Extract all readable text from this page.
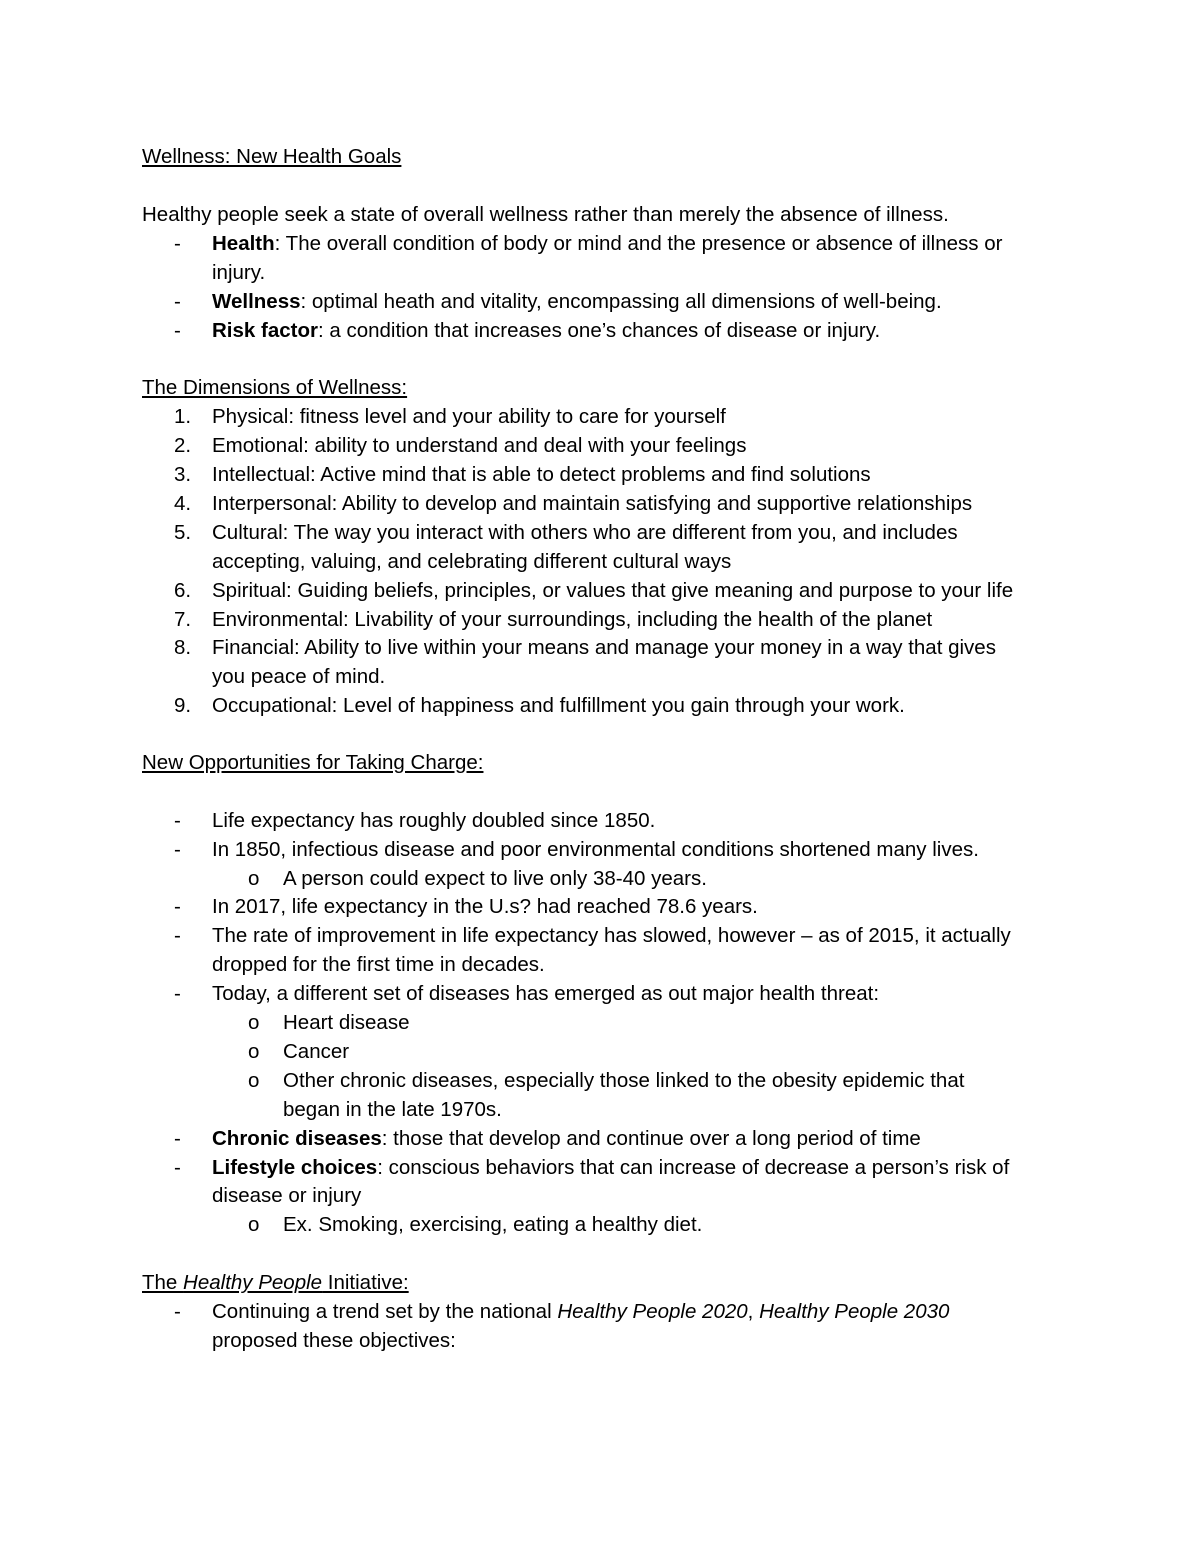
Wellness: New Health Goals
Healthy people seek a state of overall wellness rather than merely the absence of illness.
- Health: The overall condition of body or mind and the presence or absence of illness or
injury.
- Wellness: optimal heath and vitality, encompassing all dimensions of well-being.
- Risk factor: a condition that increases one’s chances of disease or injury.
The Dimensions of Wellness:
1. Physical: fitness level and your ability to care for yourself
2. Emotional: ability to understand and deal with your feelings
3. Intellectual: Active mind that is able to detect problems and find solutions
4. Interpersonal: Ability to develop and maintain satisfying and supportive relationships
5. Cultural: The way you interact with others who are different from you, and includes
accepting, valuing, and celebrating different cultural ways
6. Spiritual: Guiding beliefs, principles, or values that give meaning and purpose to your life
7. Environmental: Livability of your surroundings, including the health of the planet
8. Financial: Ability to live within your means and manage your money in a way that gives
you peace of mind.
9. Occupational: Level of happiness and fulfillment you gain through your work.
New Opportunities for Taking Charge:
- Life expectancy has roughly doubled since 1850.
- In 1850, infectious disease and poor environmental conditions shortened many lives.
o A person could expect to live only 38-40 years.
- In 2017, life expectancy in the U.s? had reached 78.6 years.
- The rate of improvement in life expectancy has slowed, however – as of 2015, it actually
dropped for the first time in decades.
- Today, a different set of diseases has emerged as out major health threat:
o Heart disease
o Cancer
o Other chronic diseases, especially those linked to the obesity epidemic that
began in the late 1970s.
- Chronic diseases: those that develop and continue over a long period of time
- Lifestyle choices: conscious behaviors that can increase of decrease a person’s risk of
disease or injury
o Ex. Smoking, exercising, eating a healthy diet.
The Healthy People Initiative:
- Continuing a trend set by the national Healthy People 2020, Healthy People 2030
proposed these objectives:
